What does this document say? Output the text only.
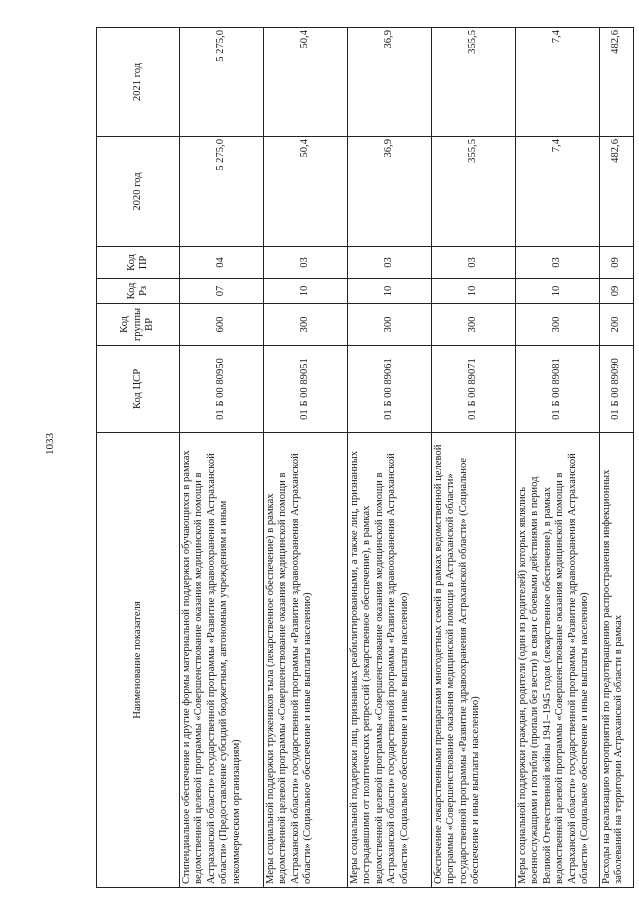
1033
Наименование показателя	Код ЦСР	Код группы ВР	Код Рз	Код ПР	2020 год	2021 год
Стипендиальное обеспечение и другие формы материальной поддержки обучающихся в рамках ведомственной целевой программы «Совершенствование оказания медицинской помощи в Астраханской области» государственной программы «Развитие здравоохранения Астраханской области» (Предоставление субсидий бюджетным, автономным учреждениям и иным некоммерческим организациям)	01 Б 00 80950	600	07	04	5 275,0	5 275,0
Меры социальной поддержки тружеников тыла (лекарственное обеспечение) в рамках ведомственной целевой программы «Совершенствование оказания медицинской помощи в Астраханской области» государственной программы «Развитие здравоохранения Астраханской области» (Социальное обеспечение и иные выплаты населению)	01 Б 00 89051	300	10	03	50,4	50,4
Меры социальной поддержки лиц, признанных реабилитированными, а также лиц, признанных пострадавшими от политических репрессий (лекарственное обеспечение), в рамках ведомственной целевой программы «Совершенствование оказания медицинской помощи в Астраханской области» государственной программы «Развитие здравоохранения Астраханской области» (Социальное обеспечение и иные выплаты населению)	01 Б 00 89061	300	10	03	36,9	36,9
Обеспечение лекарственными препаратами многодетных семей в рамках ведомственной целевой программы «Совершенствование оказания медицинской помощи в Астраханской области» государственной программы «Развитие здравоохранения Астраханской области» (Социальное обеспечение и иные выплаты населению)	01 Б 00 89071	300	10	03	355,5	355,5
Меры социальной поддержки граждан, родители (один из родителей) которых являлись военнослужащими и погибли (пропали без вести) в связи с боевыми действиями в период Великой Отечественной войны 1941–1945 годов (лекарственное обеспечение), в рамках ведомственной целевой программы «Совершенствование оказания медицинской помощи в Астраханской области» государственной программы «Развитие здравоохранения Астраханской области» (Социальное обеспечение и иные выплаты населению)	01 Б 00 89081	300	10	03	7,4	7,4
Расходы на реализацию мероприятий по предотвращению распространения инфекционных заболеваний на территории Астраханской области в рамках	01 Б 00 89090	200	09	09	482,6	482,6
